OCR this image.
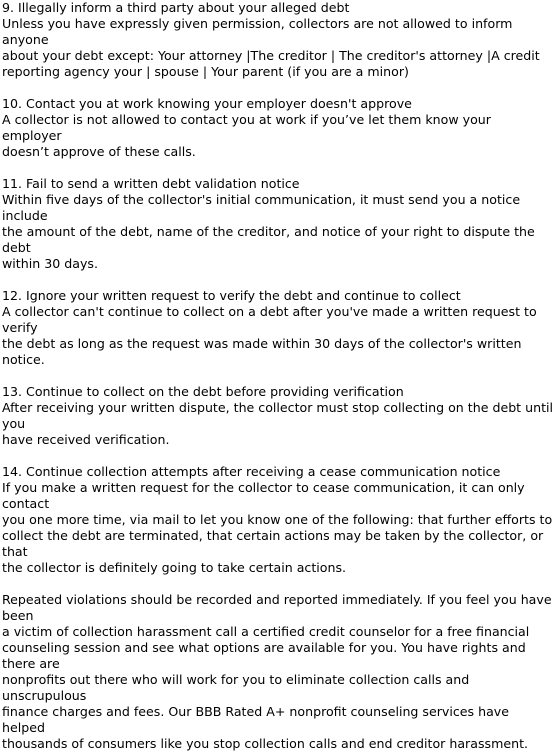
9. Illegally inform a third party about your alleged debt
Unless you have expressly given permission, collectors are not allowed to inform anyone
about your debt except: Your attorney |The creditor | The creditor's attorney |A credit
reporting agency your | spouse | Your parent (if you are a minor)
10. Contact you at work knowing your employer doesn't approve
A collector is not allowed to contact you at work if you’ve let them know your employer
doesn’t approve of these calls.
11. Fail to send a written debt validation notice
Within five days of the collector's initial communication, it must send you a notice include
the amount of the debt, name of the creditor, and notice of your right to dispute the debt
within 30 days.
12. Ignore your written request to verify the debt and continue to collect
A collector can't continue to collect on a debt after you've made a written request to verify
the debt as long as the request was made within 30 days of the collector's written notice.
13. Continue to collect on the debt before providing verification
After receiving your written dispute, the collector must stop collecting on the debt until you
have received verification.
14. Continue collection attempts after receiving a cease communication notice
If you make a written request for the collector to cease communication, it can only contact
you one more time, via mail to let you know one of the following: that further efforts to
collect the debt are terminated, that certain actions may be taken by the collector, or that
the collector is definitely going to take certain actions.
Repeated violations should be recorded and reported immediately. If you feel you have been
a victim of collection harassment call a certified credit counselor for a free financial
counseling session and see what options are available for you. You have rights and there are
nonprofits out there who will work for you to eliminate collection calls and unscrupulous
finance charges and fees. Our BBB Rated A+ nonprofit counseling services have helped
thousands of consumers like you stop collection calls and end creditor harassment.
